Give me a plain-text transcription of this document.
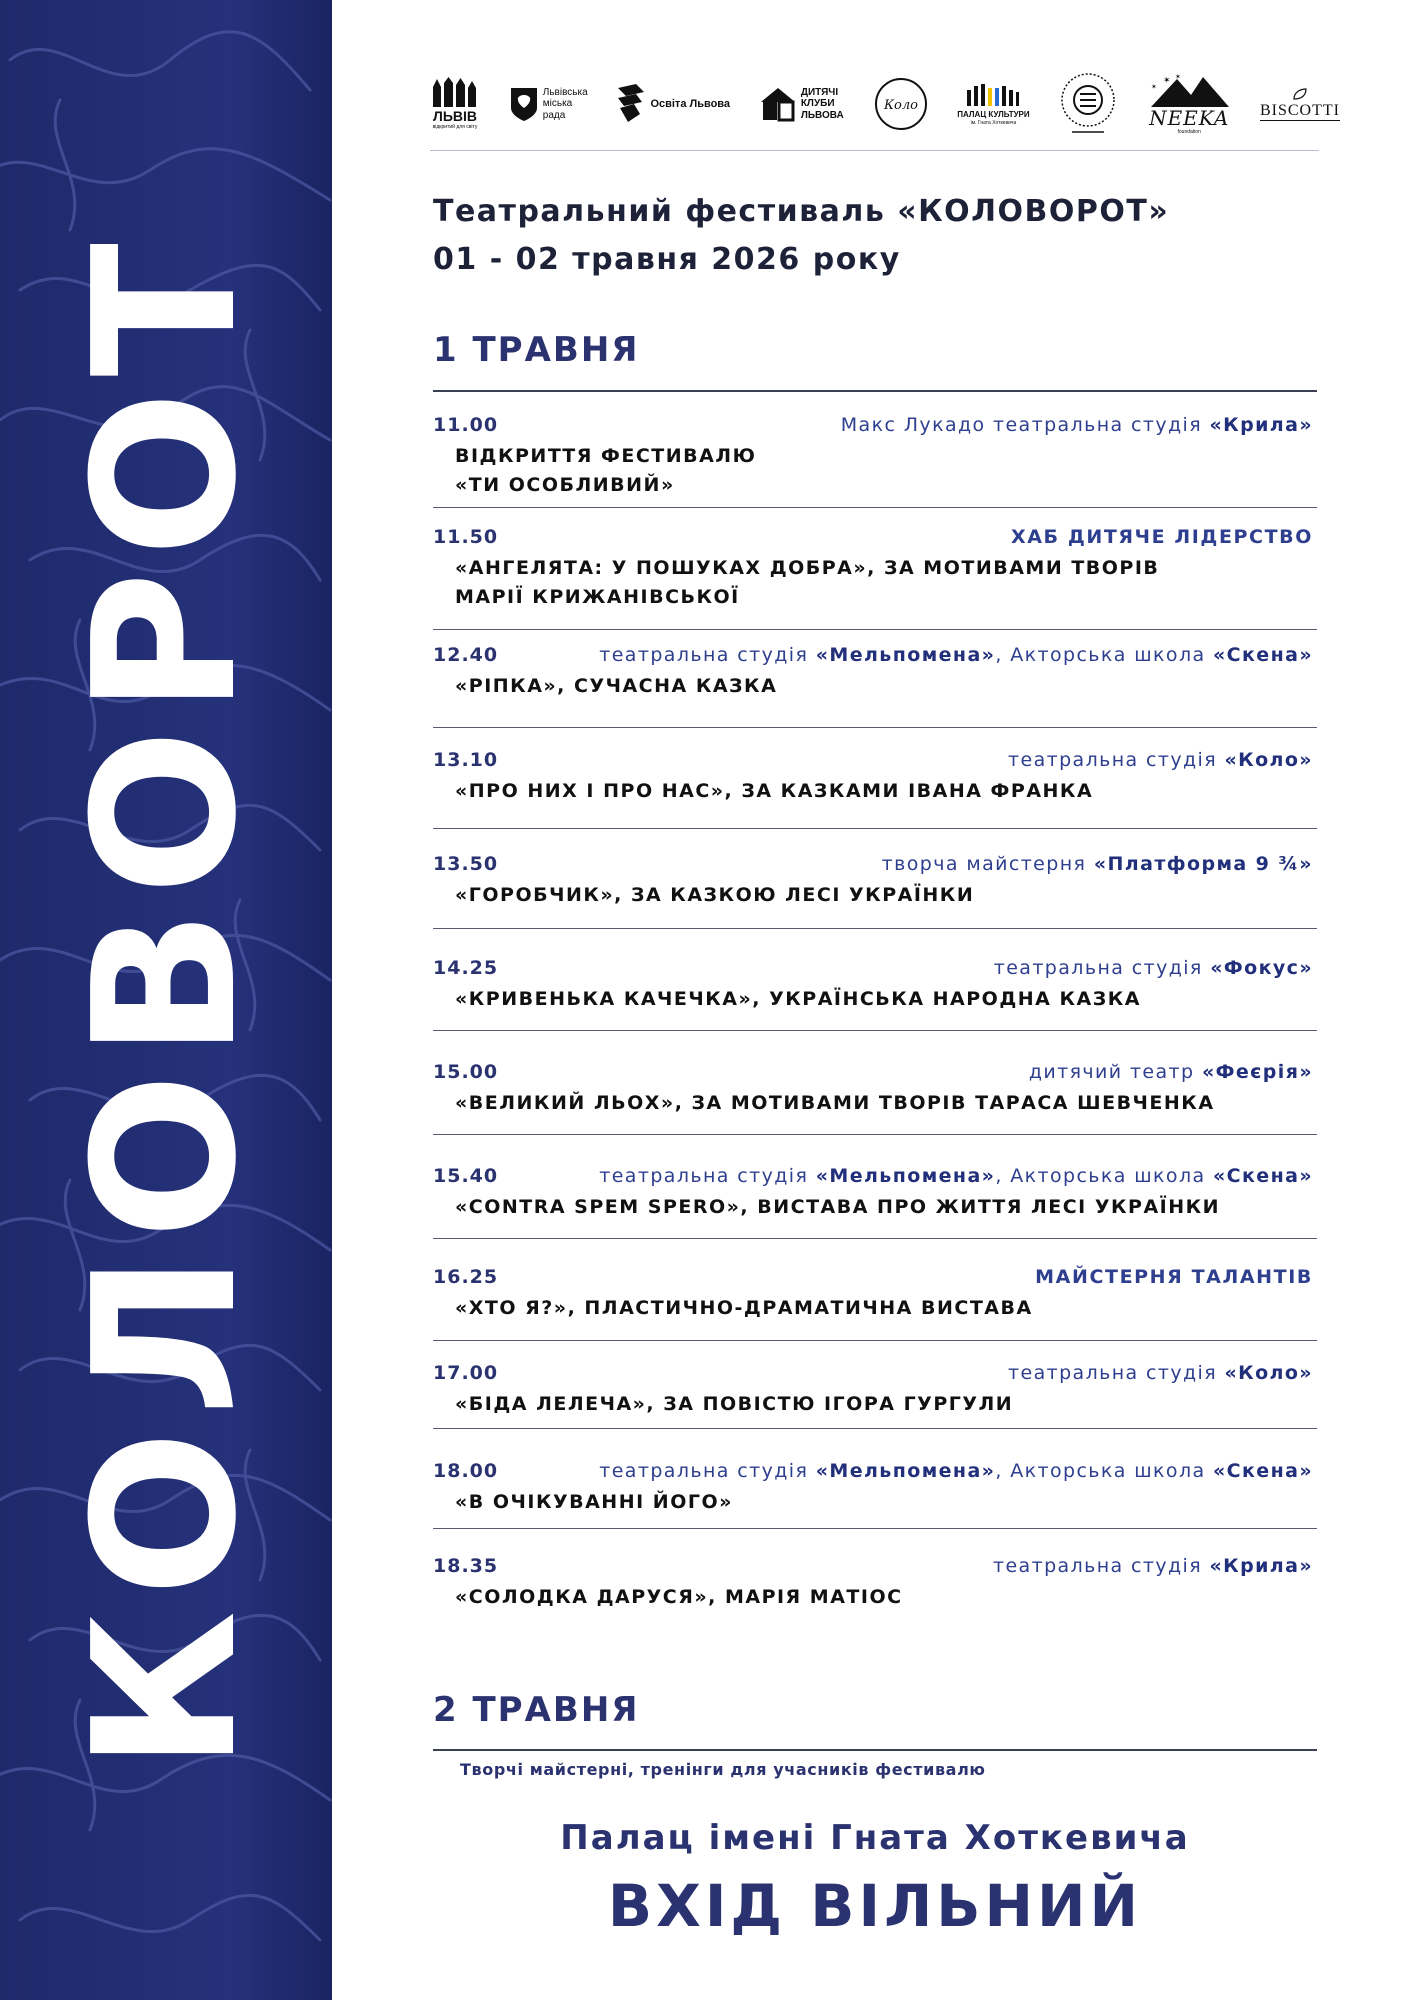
КОЛОВОРОТ
ЛЬВІВ
відкритий для світу
Львівська
міська
рада
Освіта Львова
ДИТЯЧІ
КЛУБИ
ЛЬВОВА
Коло
ПАЛАЦ КУЛЬТУРИ
ім. Гната Хоткевича
✶
✶
✶
NEEKA
foundation
BISCOTTI
Театральний фестиваль «КОЛОВОРОТ»
01 - 02 травня 2026 року
1 ТРАВНЯ
11.00	Макс Лукадо театральна студія «Крила»
ВІДКРИТТЯ ФЕСТИВАЛЮ
«ТИ ОСОБЛИВИЙ»
11.50	ХАБ ДИТЯЧЕ ЛІДЕРСТВО
«АНГЕЛЯТА: У ПОШУКАХ ДОБРА», ЗА МОТИВАМИ ТВОРІВ
МАРІЇ КРИЖАНІВСЬКОЇ
12.40	театральна студія «Мельпомена», Акторська школа «Скена»
«РІПКА», СУЧАСНА КАЗКА
13.10	театральна студія «Коло»
«ПРО НИХ І ПРО НАС», ЗА КАЗКАМИ ІВАНА ФРАНКА
13.50	творча майстерня «Платформа 9 ¾»
«ГОРОБЧИК», ЗА КАЗКОЮ ЛЕСІ УКРАЇНКИ
14.25	театральна студія «Фокус»
«КРИВЕНЬКА КАЧЕЧКА», УКРАЇНСЬКА НАРОДНА КАЗКА
15.00	дитячий театр «Феєрія»
«ВЕЛИКИЙ ЛЬОХ», ЗА МОТИВАМИ ТВОРІВ ТАРАСА ШЕВЧЕНКА
15.40	театральна студія «Мельпомена», Акторська школа «Скена»
«CONTRA SPEM SPERO», ВИСТАВА ПРО ЖИТТЯ ЛЕСІ УКРАЇНКИ
16.25	МАЙСТЕРНЯ ТАЛАНТІВ
«ХТО Я?», ПЛАСТИЧНО-ДРАМАТИЧНА ВИСТАВА
17.00	театральна студія «Коло»
«БІДА ЛЕЛЕЧА», ЗА ПОВІСТЮ ІГОРА ГУРГУЛИ
18.00	театральна студія «Мельпомена», Акторська школа «Скена»
«В ОЧІКУВАННІ ЙОГО»
18.35	театральна студія «Крила»
«СОЛОДКА ДАРУСЯ», МАРІЯ МАТІОС
2 ТРАВНЯ
Творчі майстерні, тренінги для учасників фестивалю
Палац імені Гната Хоткевича
ВХІД ВІЛЬНИЙ
